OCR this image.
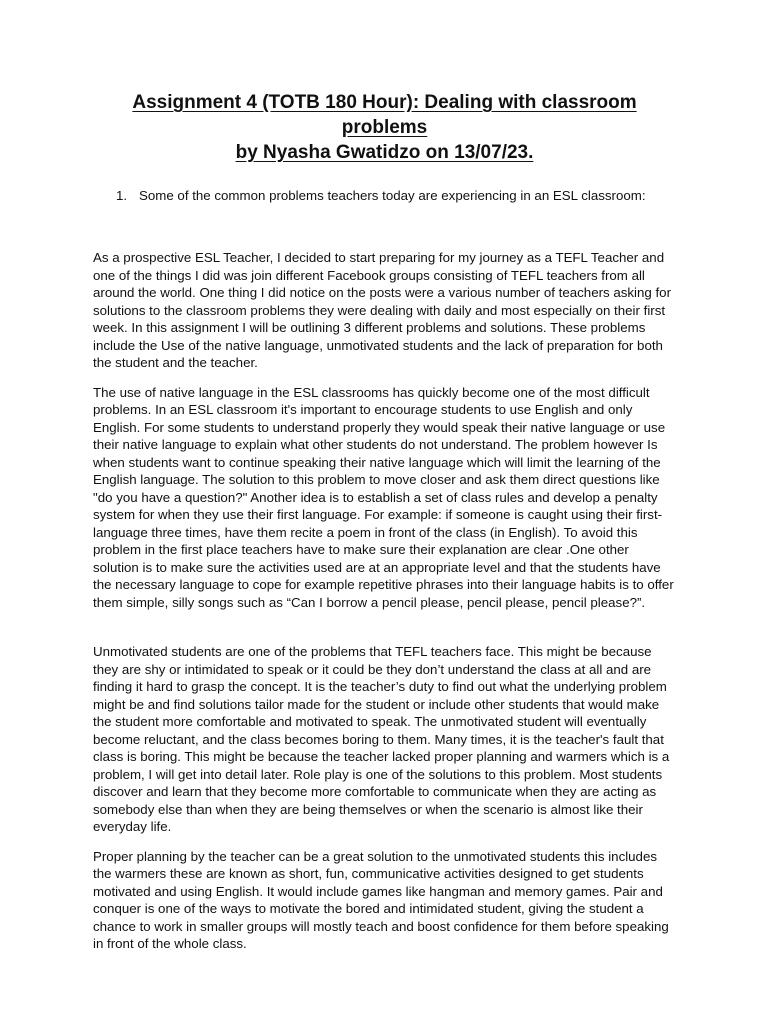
Assignment 4 (TOTB 180 Hour): Dealing with classroom problems
by Nyasha Gwatidzo on 13/07/23.
1. Some of the common problems teachers today are experiencing in an ESL classroom:

As a prospective ESL Teacher, I decided to start preparing for my journey as a TEFL Teacher and one of the things I did was join different Facebook groups consisting of TEFL teachers from all around the world. One thing I did notice on the posts were a various number of teachers asking for solutions to the classroom problems they were dealing with daily and most especially on their first week. In this assignment I will be outlining 3 different problems and solutions. These problems include the Use of the native language, unmotivated students and the lack of preparation for both the student and the teacher.

The use of native language in the ESL classrooms has quickly become one of the most difficult problems. In an ESL classroom it's important to encourage students to use English and only English. For some students to understand properly they would speak their native language or use their native language to explain what other students do not understand. The problem however Is when students want to continue speaking their native language which will limit the learning of the English language. The solution to this problem to move closer and ask them direct questions like "do you have a question?" Another idea is to establish a set of class rules and develop a penalty system for when they use their first language. For example: if someone is caught using their first-language three times, have them recite a poem in front of the class (in English). To avoid this problem in the first place teachers have to make sure their explanation are clear .One other solution is to make sure the activities used are at an appropriate level and that the students have the necessary language to cope for example repetitive phrases into their language habits is to offer them simple, silly songs such as “Can I borrow a pencil please, pencil please, pencil please?”.

Unmotivated students are one of the problems that TEFL teachers face. This might be because they are shy or intimidated to speak or it could be they don’t understand the class at all and are finding it hard to grasp the concept. It is the teacher’s duty to find out what the underlying problem might be and find solutions tailor made for the student or include other students that would make the student more comfortable and motivated to speak. The unmotivated student will eventually become reluctant, and the class becomes boring to them. Many times, it is the teacher's fault that class is boring. This might be because the teacher lacked proper planning and warmers which is a problem, I will get into detail later. Role play is one of the solutions to this problem. Most students discover and learn that they become more comfortable to communicate when they are acting as somebody else than when they are being themselves or when the scenario is almost like their everyday life.

Proper planning by the teacher can be a great solution to the unmotivated students this includes the warmers these are known as short, fun, communicative activities designed to get students motivated and using English. It would include games like hangman and memory games. Pair and conquer is one of the ways to motivate the bored and intimidated student, giving the student a chance to work in smaller groups will mostly teach and boost confidence for them before speaking in front of the whole class.
